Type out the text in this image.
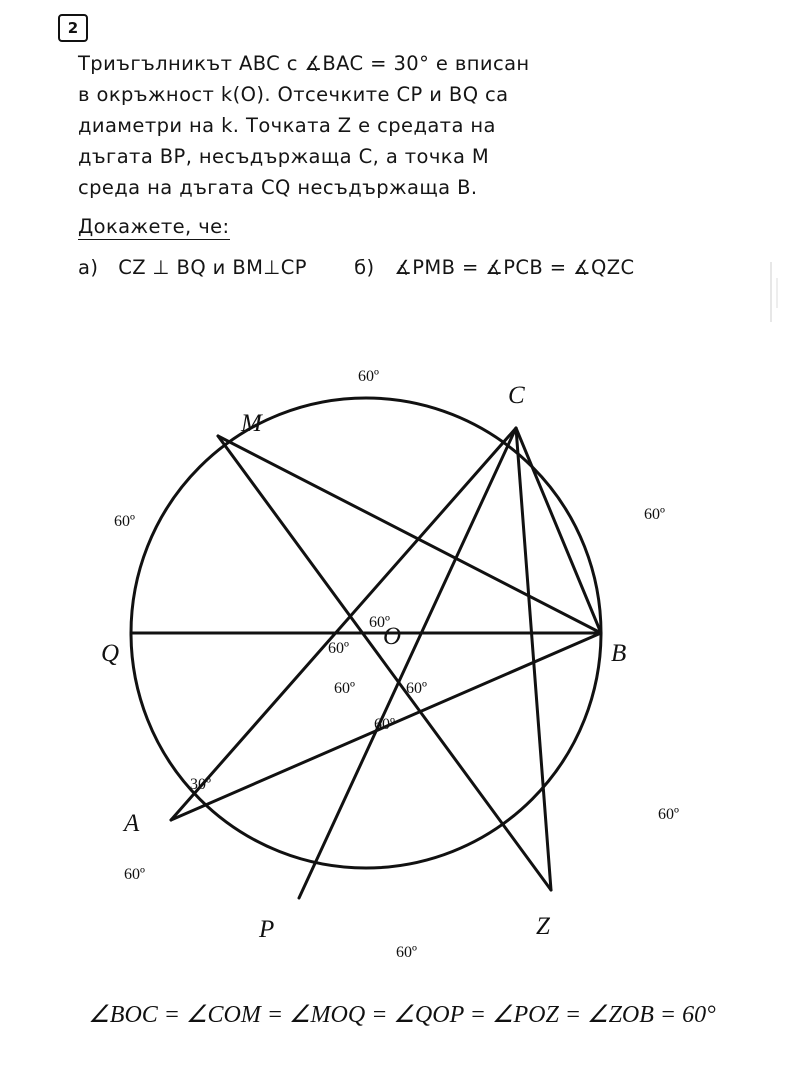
2
Триъгълникът ABC с ∡BAC = 30° е вписан
в окръжност k(O). Отсечките CP и BQ са
диаметри на k. Точката Z е средата на
дъгата BP, несъдържаща C, а точка M
среда на дъгата CQ несъдържаща B.
Докажете, че:
а) CZ ⊥ BQ и BM⊥CP б) ∡PMB = ∡PCB = ∡QZC
M
C
Q	B
A
P	Z
O
60º
60º
60º
60º
60º
60º
60º
60º
60º	60º
60º
30º
∠BOC = ∠COM = ∠MOQ = ∠QOP = ∠POZ = ∠ZOB = 60°
